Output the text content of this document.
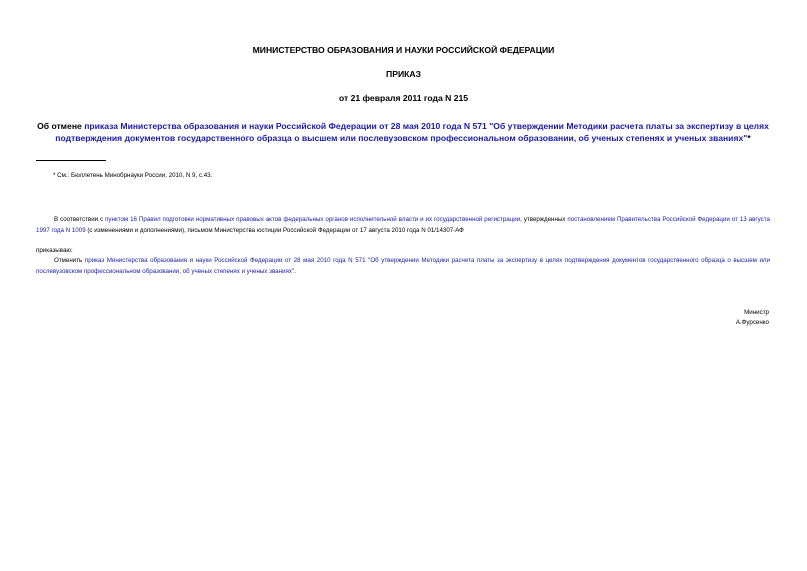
МИНИСТЕРСТВО ОБРАЗОВАНИЯ И НАУКИ РОССИЙСКОЙ ФЕДЕРАЦИИ
ПРИКАЗ
от 21 февраля 2011 года N 215
Об отмене приказа Министерства образования и науки Российской Федерации от 28 мая 2010 года N 571 "Об утверждении Методики расчета платы за экспертизу в целях подтверждения документов государственного образца о высшем или послевузовском профессиональном образовании, об ученых степенях и ученых званиях"*
* См.: Бюллетень Минобрнауки России, 2010, N 9, с.43.
В соответствии с пунктом 16 Правил подготовки нормативных правовых актов федеральных органов исполнительной власти и их государственной регистрации, утвержденных постановлением Правительства Российской Федерации от 13 августа 1997 года N 1009 (с изменениями и дополнениями), письмом Министерства юстиции Российской Федерации от 17 августа 2010 года N 01/14307-АФ
приказываю:
Отменить приказ Министерства образования и науки Российской Федерации от 28 мая 2010 года N 571 "Об утверждении Методики расчета платы за экспертизу в целях подтверждения документов государственного образца о высшем или послевузовском профессиональном образовании, об ученых степенях и ученых званиях".
Министр
А.Фурсенко
